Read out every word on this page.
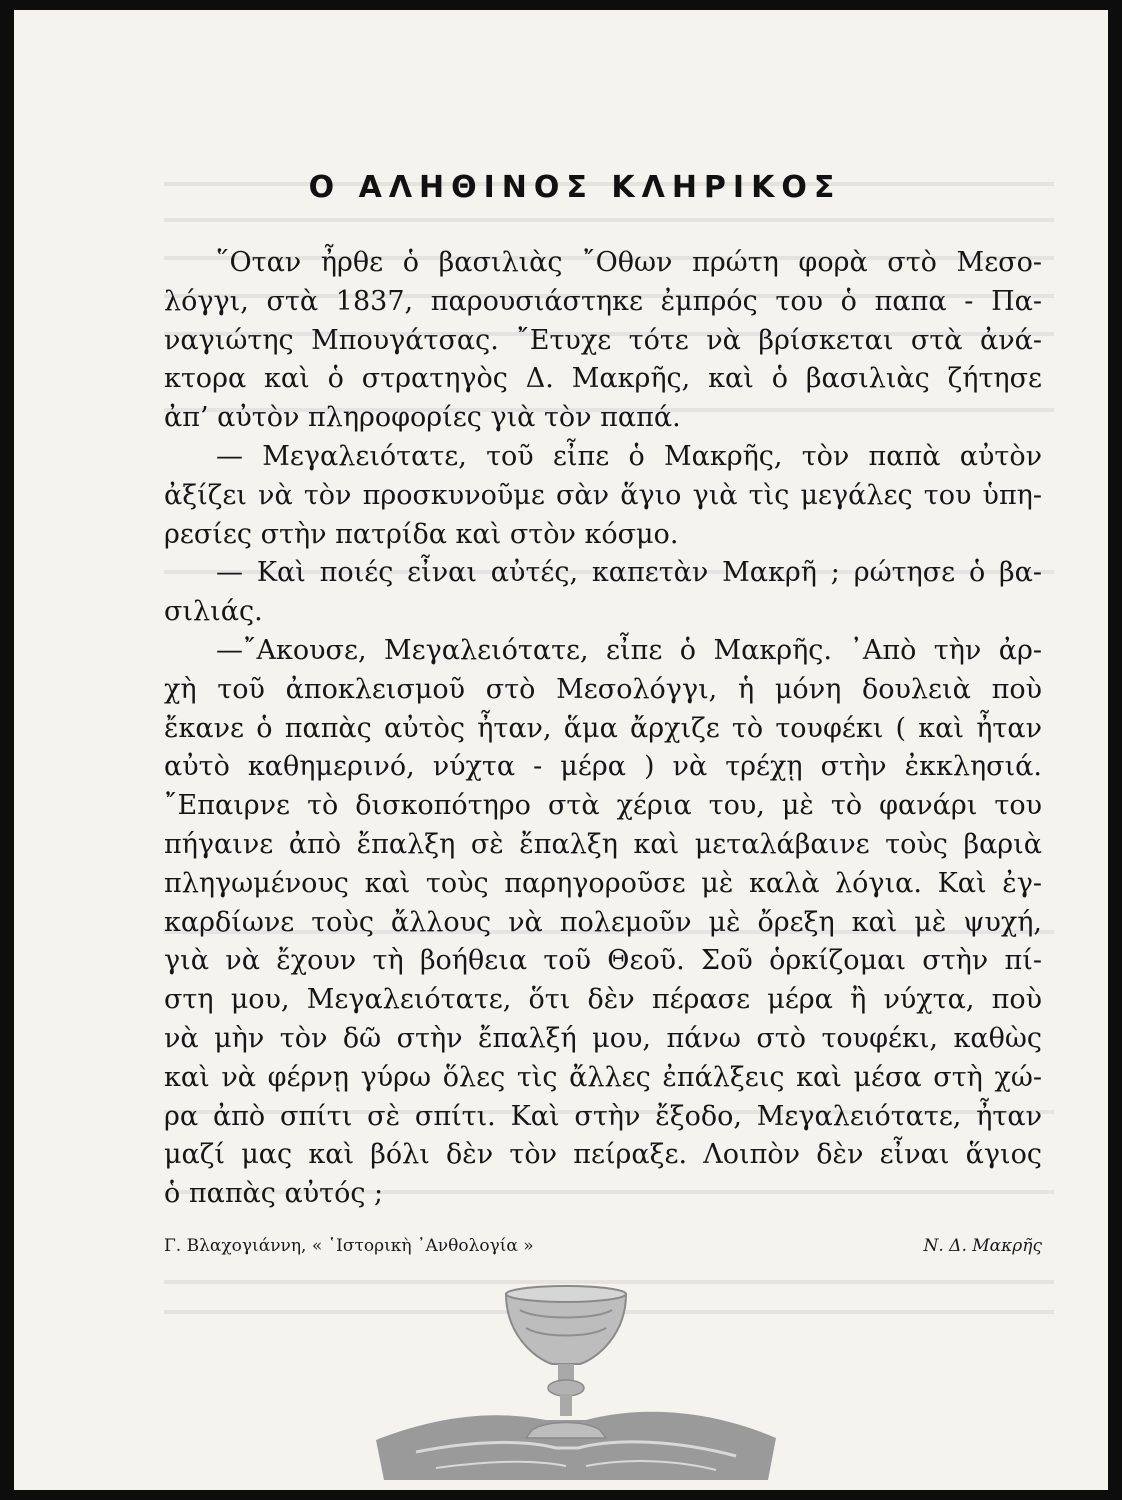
Ο ΑΛΗΘΙΝΟΣ ΚΛΗΡΙΚΟΣ
῞Οταν ἦρθε ὁ βασιλιὰς ῎Οθων πρώτη φορὰ στὸ Μεσο-
λόγγι, στὰ 1837, παρουσιάστηκε ἐμπρός του ὁ παπα - Πα-
ναγιώτης Μπουγάτσας. ῎Ετυχε τότε νὰ βρίσκεται στὰ ἀνά-
κτορα καὶ ὁ στρατηγὸς Δ. Μακρῆς, καὶ ὁ βασιλιὰς ζήτησε
ἀπ’ αὐτὸν πληροφορίες γιὰ τὸν παπά.
— Μεγαλειότατε, τοῦ εἶπε ὁ Μακρῆς, τὸν παπὰ αὐτὸν
ἀξίζει νὰ τὸν προσκυνοῦμε σὰν ἅγιο γιὰ τὶς μεγάλες του ὑπη-
ρεσίες στὴν πατρίδα καὶ στὸν κόσμο.
— Καὶ ποιές εἶναι αὐτές, καπετὰν Μακρῆ ; ρώτησε ὁ βα-
σιλιάς.
—῎Ακουσε, Μεγαλειότατε, εἶπε ὁ Μακρῆς. ᾿Απὸ τὴν ἀρ-
χὴ τοῦ ἀποκλεισμοῦ στὸ Μεσολόγγι, ἡ μόνη δουλειὰ ποὺ
ἔκανε ὁ παπὰς αὐτὸς ἦταν, ἅμα ἄρχιζε τὸ τουφέκι ( καὶ ἦταν
αὐτὸ καθημερινό, νύχτα - μέρα ) νὰ τρέχῃ στὴν ἐκκλησιά.
῎Επαιρνε τὸ δισκοπότηρο στὰ χέρια του, μὲ τὸ φανάρι του
πήγαινε ἀπὸ ἔπαλξη σὲ ἔπαλξη καὶ μεταλάβαινε τοὺς βαριὰ
πληγωμένους καὶ τοὺς παρηγοροῦσε μὲ καλὰ λόγια. Καὶ ἐγ-
καρδίωνε τοὺς ἄλλους νὰ πολεμοῦν μὲ ὄρεξη καὶ μὲ ψυχή,
γιὰ νὰ ἔχουν τὴ βοήθεια τοῦ Θεοῦ. Σοῦ ὁρκίζομαι στὴν πί-
στη μου, Μεγαλειότατε, ὅτι δὲν πέρασε μέρα ἢ νύχτα, ποὺ
νὰ μὴν τὸν δῶ στὴν ἔπαλξή μου, πάνω στὸ τουφέκι, καθὼς
καὶ νὰ φέρνῃ γύρω ὅλες τὶς ἄλλες ἐπάλξεις καὶ μέσα στὴ χώ-
ρα ἀπὸ σπίτι σὲ σπίτι. Καὶ στὴν ἔξοδο, Μεγαλειότατε, ἦταν
μαζί μας καὶ βόλι δὲν τὸν πείραξε. Λοιπὸν δὲν εἶναι ἅγιος
ὁ παπὰς αὐτός ;
Γ. Βλαχογιάννη, « ῾Ιστορικὴ ᾿Ανθολογία »	Ν. Δ. Μακρῆς
